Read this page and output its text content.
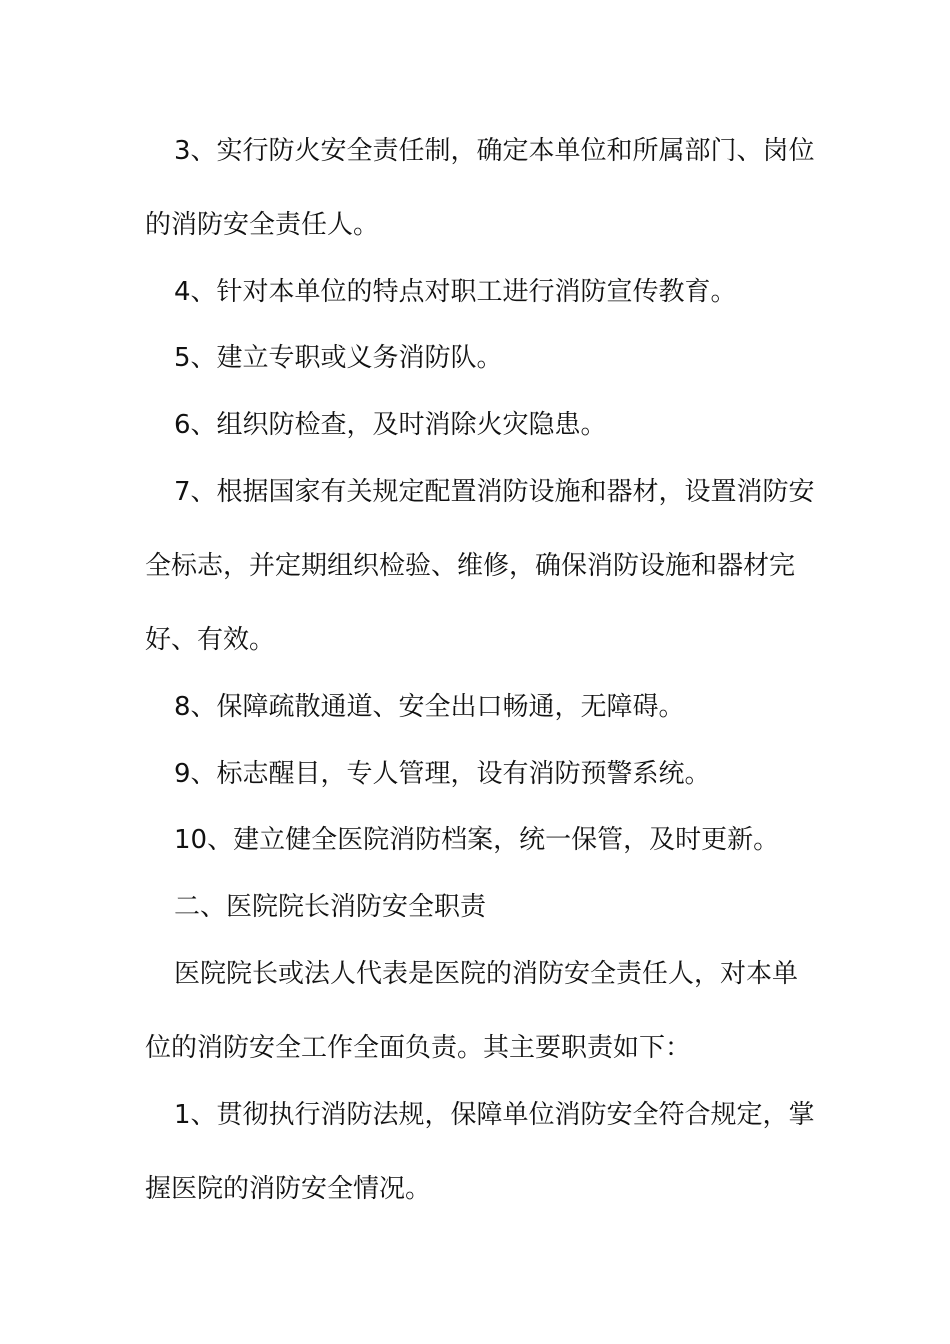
3、实行防火安全责任制，确定本单位和所属部门、岗位
的消防安全责任人。
4、针对本单位的特点对职工进行消防宣传教育。
5、建立专职或义务消防队。
6、组织防检查，及时消除火灾隐患。
7、根据国家有关规定配置消防设施和器材，设置消防安
全标志，并定期组织检验、维修，确保消防设施和器材完
好、有效。
8、保障疏散通道、安全出口畅通，无障碍。
9、标志醒目，专人管理，设有消防预警系统。
10、建立健全医院消防档案，统一保管，及时更新。
二、医院院长消防安全职责
医院院长或法人代表是医院的消防安全责任人，对本单
位的消防安全工作全面负责。其主要职责如下：
1、贯彻执行消防法规，保障单位消防安全符合规定，掌
握医院的消防安全情况。
